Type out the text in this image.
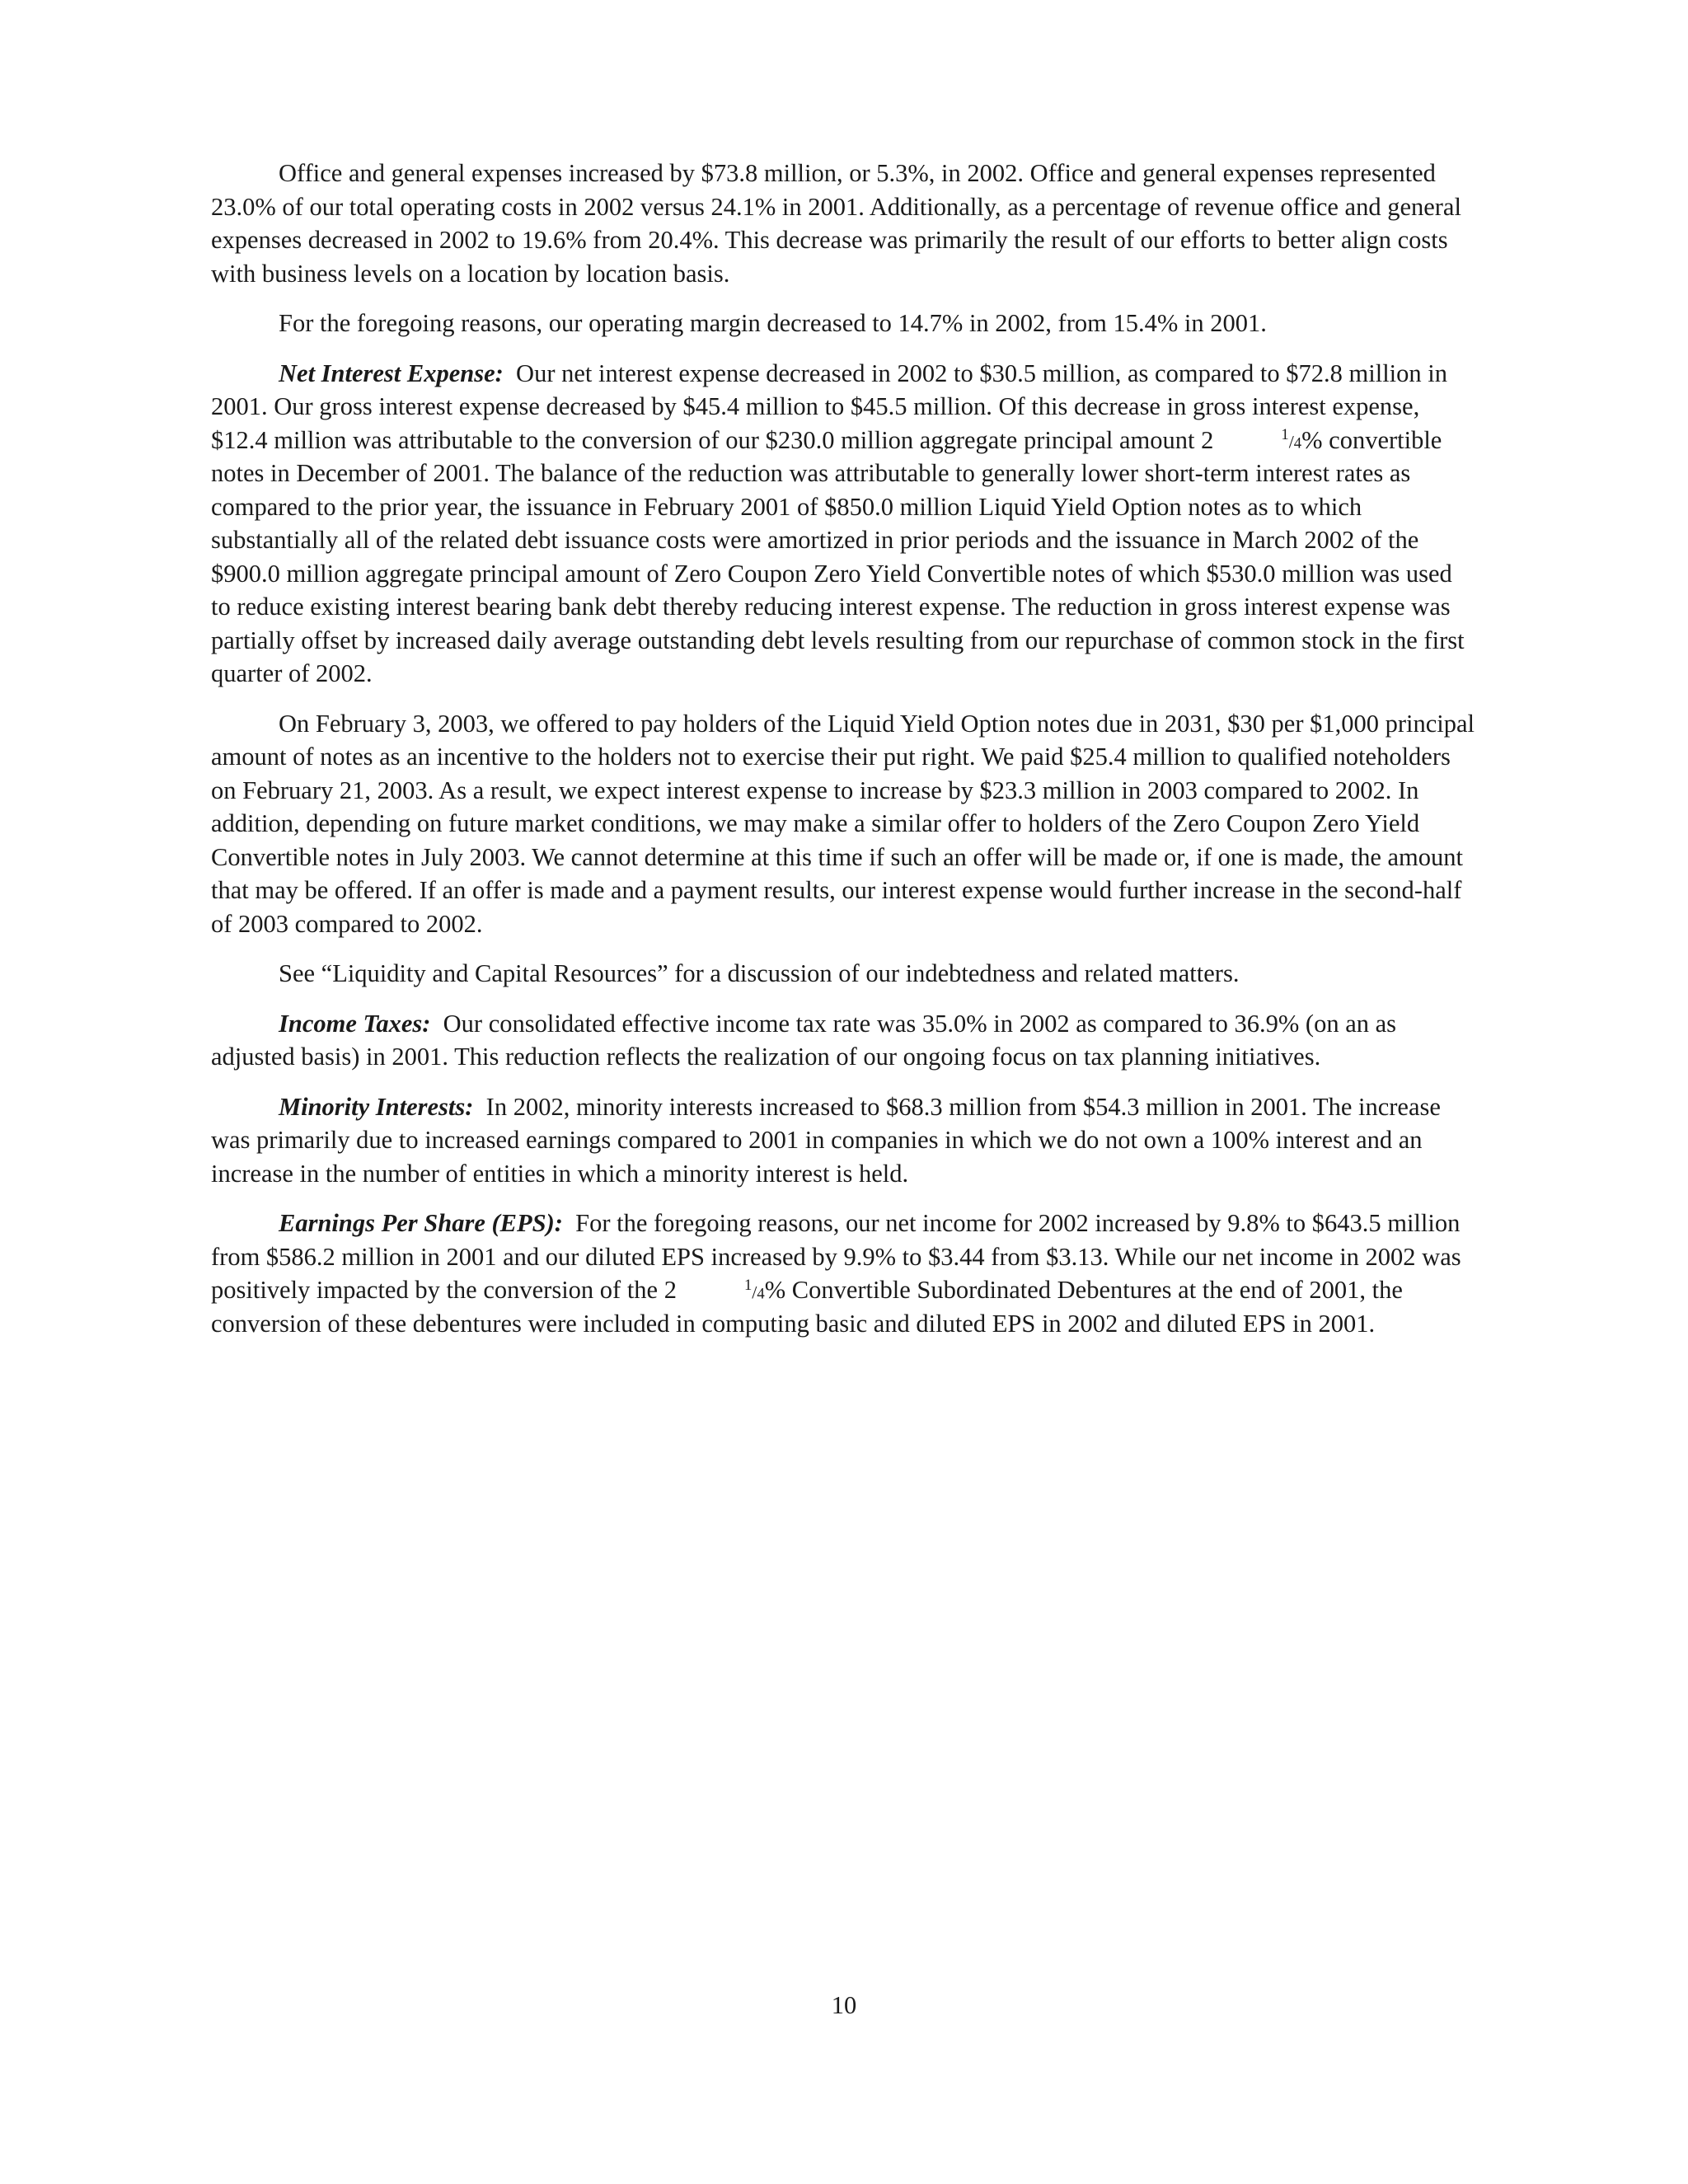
Office and general expenses increased by $73.8 million, or 5.3%, in 2002. Office and general expenses represented 23.0% of our total operating costs in 2002 versus 24.1% in 2001. Additionally, as a percentage of revenue office and general expenses decreased in 2002 to 19.6% from 20.4%. This decrease was primarily the result of our efforts to better align costs with business levels on a location by location basis.

For the foregoing reasons, our operating margin decreased to 14.7% in 2002, from 15.4% in 2001.

Net Interest Expense: Our net interest expense decreased in 2002 to $30.5 million, as compared to $72.8 million in 2001. Our gross interest expense decreased by $45.4 million to $45.5 million. Of this decrease in gross interest expense, $12.4 million was attributable to the conversion of our $230.0 million aggregate principal amount 2	$^1$/4% convertible notes in December of 2001. The balance of the reduction was attributable to generally lower short-term interest rates as compared to the prior year, the issuance in February 2001 of $850.0 million Liquid Yield Option notes as to which substantially all of the related debt issuance costs were amortized in prior periods and the issuance in March 2002 of the $900.0 million aggregate principal amount of Zero Coupon Zero Yield Convertible notes of which $530.0 million was used to reduce existing interest bearing bank debt thereby reducing interest expense. The reduction in gross interest expense was partially offset by increased daily average outstanding debt levels resulting from our repurchase of common stock in the first quarter of 2002.

On February 3, 2003, we offered to pay holders of the Liquid Yield Option notes due in 2031, $30 per $1,000 principal amount of notes as an incentive to the holders not to exercise their put right. We paid $25.4 million to qualified noteholders on February 21, 2003. As a result, we expect interest expense to increase by $23.3 million in 2003 compared to 2002. In addition, depending on future market conditions, we may make a similar offer to holders of the Zero Coupon Zero Yield Convertible notes in July 2003. We cannot determine at this time if such an offer will be made or, if one is made, the amount that may be offered. If an offer is made and a payment results, our interest expense would further increase in the second-half of 2003 compared to 2002.

See “Liquidity and Capital Resources” for a discussion of our indebtedness and related matters.

Income Taxes: Our consolidated effective income tax rate was 35.0% in 2002 as compared to 36.9% (on an as adjusted basis) in 2001. This reduction reflects the realization of our ongoing focus on tax planning initiatives.

Minority Interests: In 2002, minority interests increased to $68.3 million from $54.3 million in 2001. The increase was primarily due to increased earnings compared to 2001 in companies in which we do not own a 100% interest and an increase in the number of entities in which a minority interest is held.

Earnings Per Share (EPS): For the foregoing reasons, our net income for 2002 increased by 9.8% to $643.5 million from $586.2 million in 2001 and our diluted EPS increased by 9.9% to $3.44 from $3.13. While our net income in 2002 was positively impacted by the conversion of the 2	$^1$/4% Convertible Subordinated Debentures at the end of 2001, the conversion of these debentures were included in computing basic and diluted EPS in 2002 and diluted EPS in 2001.

10
